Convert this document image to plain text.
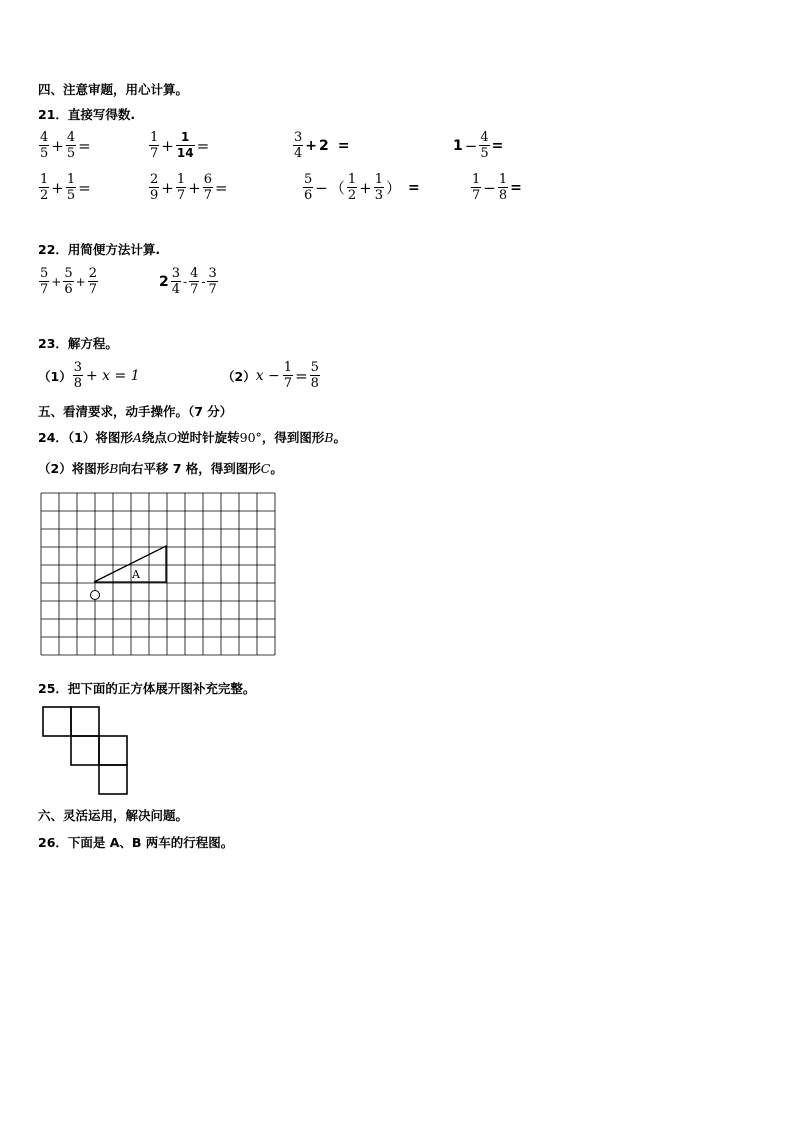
四、注意审题，用心计算。
21．直接写得数.
$\frac{4}{5} + \frac{4}{5}$ =	$\frac{1}{7} + \frac{1}{14}$ =	$\frac{3}{4} + 2$ =	$1 - \frac{4}{5}$ =
$\frac{1}{2} + \frac{1}{5}$ =	$\frac{2}{9} + \frac{1}{7} + \frac{6}{7}$ =	$\frac{5}{6}$ − （ $\frac{1}{2} + \frac{1}{3}$ ） =	$\frac{1}{7} - \frac{1}{8}$ =
22．用简便方法计算.
$\frac{5}{7} + \frac{5}{6} + \frac{2}{7}$	$2 \frac{3}{4} - \frac{4}{7} - \frac{3}{7}$
23．解方程。
$(1) \frac{3}{8} + x = 1$	（2） $x - \frac{1}{7} = \frac{5}{8}$
五、看清要求，动手操作。（7 分）
24．（1）将图形A绕点O逆时针旋转90°，得到图形B。
（2）将图形B向右平移 7 格，得到图形C。
A
25．把下面的正方体展开图补充完整。
六、灵活运用，解决问题。
26．下面是 A、B 两车的行程图。
